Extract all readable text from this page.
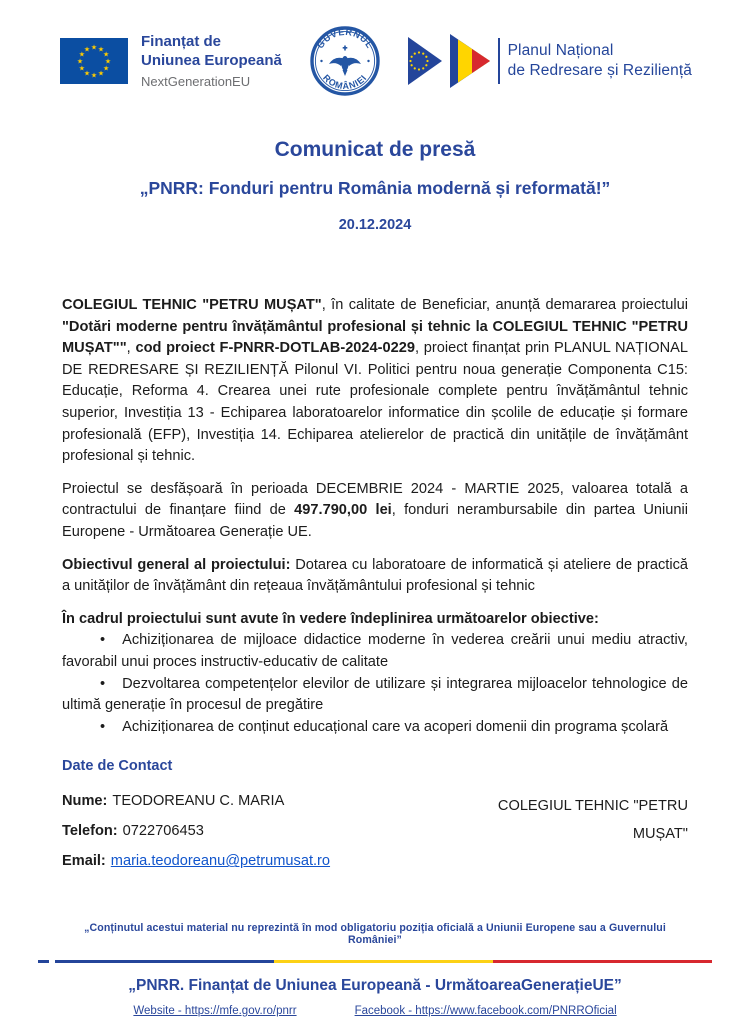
★ ★
★
★
★
★
★
★
★
★
★
★	Finanțat de
Uniunea Europeană
NextGenerationEU
GUVERNUL
ROMÂNIEI
Planul Național
de Redresare și Reziliență
Comunicat de presă
„PNRR: Fonduri pentru România modernă și reformată!”
20.12.2024

COLEGIUL TEHNIC "PETRU MUȘAT", în calitate de Beneficiar, anunță demararea proiectului "Dotări moderne pentru învățământul profesional și tehnic la COLEGIUL TEHNIC "PETRU MUȘAT"", cod proiect F-PNRR-DOTLAB-2024-0229, proiect finanțat prin PLANUL NAȚIONAL DE REDRESARE ȘI REZILIENȚĂ Pilonul VI. Politici pentru noua generație Componenta C15: Educație, Reforma 4. Crearea unei rute profesionale complete pentru învățământul tehnic superior, Investiția 13 - Echiparea laboratoarelor informatice din școlile de educație și formare profesională (EFP), Investiția 14. Echiparea atelierelor de practică din unitățile de învățământ profesional și tehnic.

Proiectul se desfășoară în perioada DECEMBRIE 2024 - MARTIE 2025, valoarea totală a contractului de finanțare fiind de 497.790,00 lei, fonduri nerambursabile din partea Uniunii Europene - Următoarea Generație UE.

Obiectivul general al proiectului: Dotarea cu laboratoare de informatică și ateliere de practică a unităților de învățământ din rețeaua învățământului profesional și tehnic

În cadrul proiectului sunt avute în vedere îndeplinirea următoarelor obiective:

• Achiziționarea de mijloace didactice moderne în vederea creării unui mediu atractiv, favorabil unui proces instructiv-educativ de calitate

• Dezvoltarea competențelor elevilor de utilizare și integrarea mijloacelor tehnologice de ultimă generație în procesul de pregătire

• Achiziționarea de conținut educațional care va acoperi domenii din programa școlară

Date de Contact
Nume: TEODOREANU C. MARIA
Telefon: 0722706453
Email: maria.teodoreanu@petrumusat.ro
COLEGIUL TEHNIC "PETRU MUȘAT"
„Conținutul acestui material nu reprezintă în mod obligatoriu poziția oficială a Uniunii Europene sau a Guvernului României”
„PNRR. Finanțat de Uniunea Europeană - UrmătoareaGenerațieUE”
Website - https://mfe.gov.ro/pnrr	Facebook - https://www.facebook.com/PNRROficial
